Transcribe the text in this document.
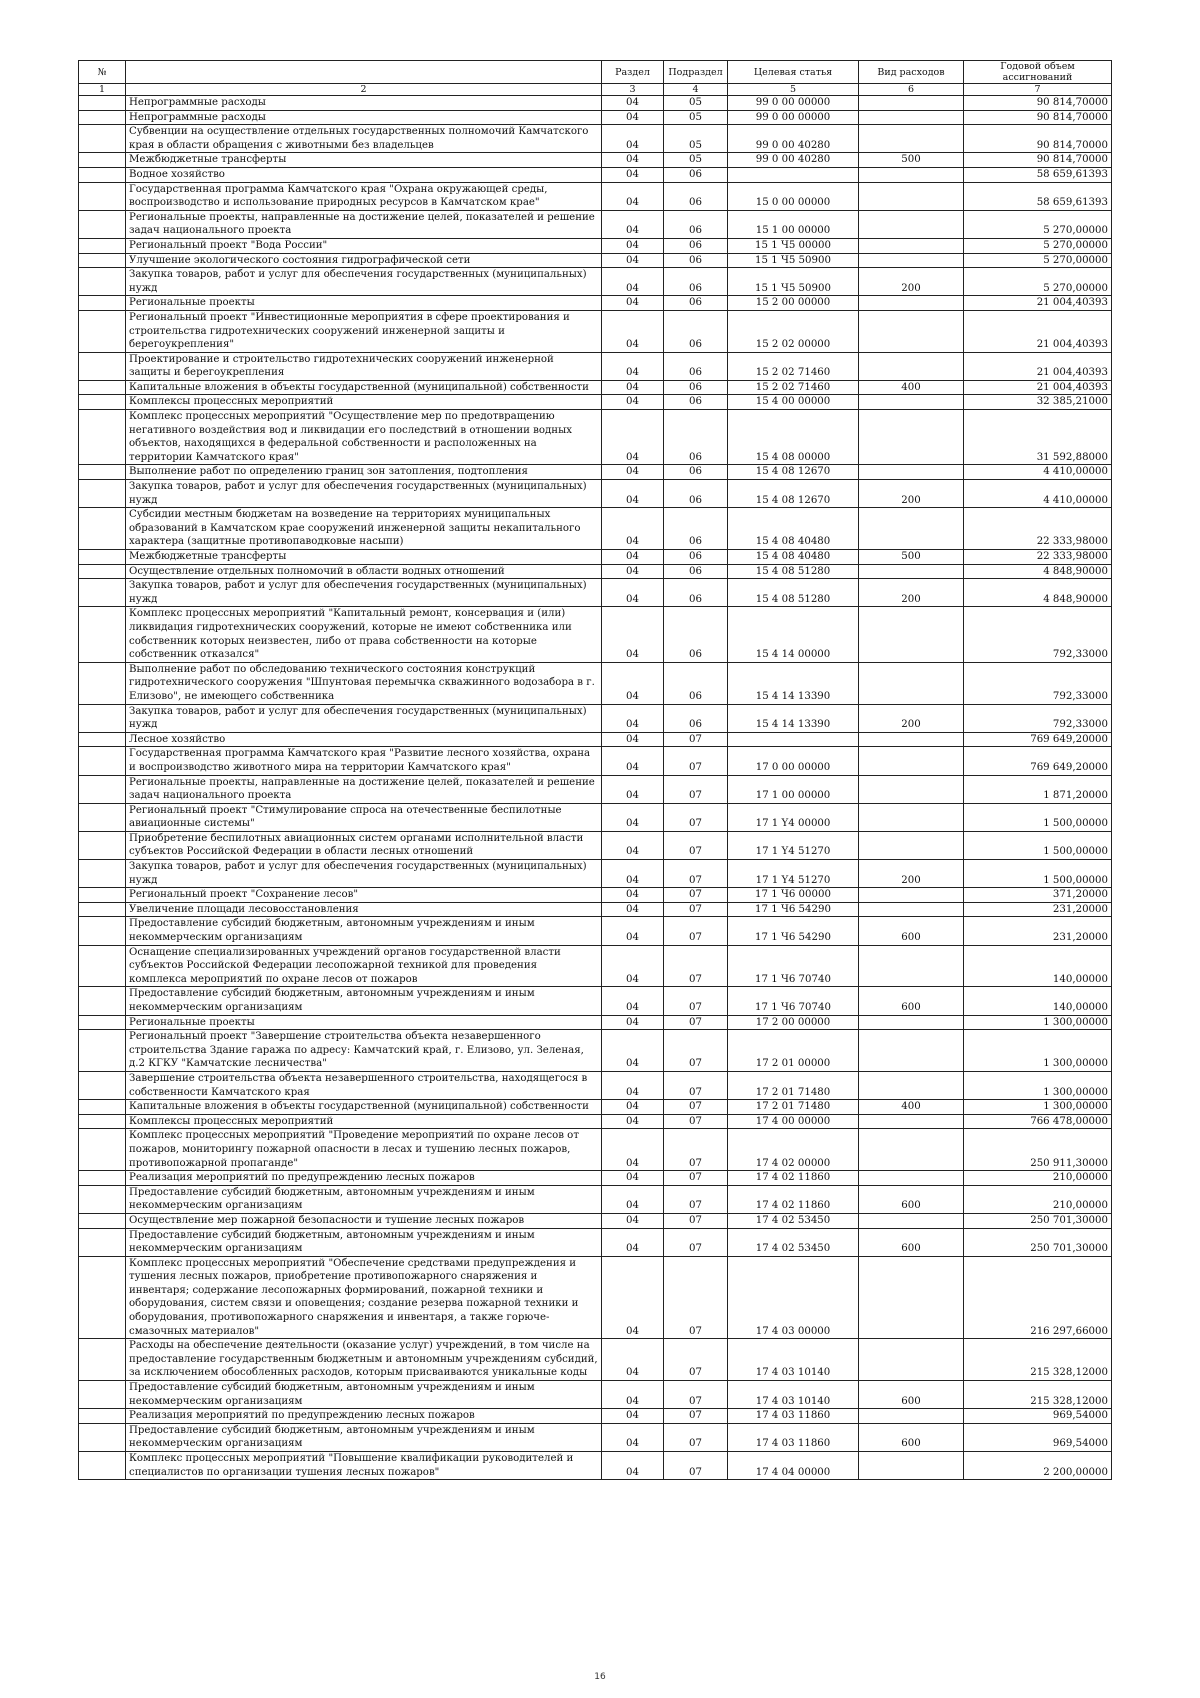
№		Раздел	Подраздел	Целевая статья	Вид расходов	Годовой объем ассигнований
1	2	3	4	5	6	7
	Непрограммные расходы	04	05	99 0 00 00000		90 814,70000
	Непрограммные расходы	04	05	99 0 00 00000		90 814,70000
	Субвенции на осуществление отдельных государственных полномочий Камчатского края в области обращения с животными без владельцев	04	05	99 0 00 40280		90 814,70000
	Межбюджетные трансферты	04	05	99 0 00 40280	500	90 814,70000
	Водное хозяйство	04	06			58 659,61393
	Государственная программа Камчатского края "Охрана окружающей среды, воспроизводство и использование природных ресурсов в Камчатском крае"	04	06	15 0 00 00000		58 659,61393
	Региональные проекты, направленные на достижение целей, показателей и решение задач национального проекта	04	06	15 1 00 00000		5 270,00000
	Региональный проект "Вода России"	04	06	15 1 Ч5 00000		5 270,00000
	Улучшение экологического состояния гидрографической сети	04	06	15 1 Ч5 50900		5 270,00000
	Закупка товаров, работ и услуг для обеспечения государственных (муниципальных) нужд	04	06	15 1 Ч5 50900	200	5 270,00000
	Региональные проекты	04	06	15 2 00 00000		21 004,40393
	Региональный проект "Инвестиционные мероприятия в сфере проектирования и строительства гидротехнических сооружений инженерной защиты и берегоукрепления"	04	06	15 2 02 00000		21 004,40393
	Проектирование и строительство гидротехнических сооружений инженерной защиты и берегоукрепления	04	06	15 2 02 71460		21 004,40393
	Капитальные вложения в объекты государственной (муниципальной) собственности	04	06	15 2 02 71460	400	21 004,40393
	Комплексы процессных мероприятий	04	06	15 4 00 00000		32 385,21000
	Комплекс процессных мероприятий "Осуществление мер по предотвращению негативного воздействия вод и ликвидации его последствий в отношении водных объектов, находящихся в федеральной собственности и расположенных на территории Камчатского края"	04	06	15 4 08 00000		31 592,88000
	Выполнение работ по определению границ зон затопления, подтопления	04	06	15 4 08 12670		4 410,00000
	Закупка товаров, работ и услуг для обеспечения государственных (муниципальных) нужд	04	06	15 4 08 12670	200	4 410,00000
	Субсидии местным бюджетам на возведение на территориях муниципальных образований в Камчатском крае сооружений инженерной защиты некапитального характера (защитные противопаводковые насыпи)	04	06	15 4 08 40480		22 333,98000
	Межбюджетные трансферты	04	06	15 4 08 40480	500	22 333,98000
	Осуществление отдельных полномочий в области водных отношений	04	06	15 4 08 51280		4 848,90000
	Закупка товаров, работ и услуг для обеспечения государственных (муниципальных) нужд	04	06	15 4 08 51280	200	4 848,90000
	Комплекс процессных мероприятий "Капитальный ремонт, консервация и (или) ликвидация гидротехнических сооружений, которые не имеют собственника или собственник которых неизвестен, либо от права собственности на которые собственник отказался"	04	06	15 4 14 00000		792,33000
	Выполнение работ по обследованию технического состояния конструкций гидротехнического сооружения "Шпунтовая перемычка скважинного водозабора в г. Елизово", не имеющего собственника	04	06	15 4 14 13390		792,33000
	Закупка товаров, работ и услуг для обеспечения государственных (муниципальных) нужд	04	06	15 4 14 13390	200	792,33000
	Лесное хозяйство	04	07			769 649,20000
	Государственная программа Камчатского края "Развитие лесного хозяйства, охрана и воспроизводство животного мира на территории Камчатского края"	04	07	17 0 00 00000		769 649,20000
	Региональные проекты, направленные на достижение целей, показателей и решение задач национального проекта	04	07	17 1 00 00000		1 871,20000
	Региональный проект "Стимулирование спроса на отечественные беспилотные авиационные системы"	04	07	17 1 Y4 00000		1 500,00000
	Приобретение беспилотных авиационных систем органами исполнительной власти субъектов Российской Федерации в области лесных отношений	04	07	17 1 Y4 51270		1 500,00000
	Закупка товаров, работ и услуг для обеспечения государственных (муниципальных) нужд	04	07	17 1 Y4 51270	200	1 500,00000
	Региональный проект "Сохранение лесов"	04	07	17 1 Ч6 00000		371,20000
	Увеличение площади лесовосстановления	04	07	17 1 Ч6 54290		231,20000
	Предоставление субсидий бюджетным, автономным учреждениям и иным некоммерческим организациям	04	07	17 1 Ч6 54290	600	231,20000
	Оснащение специализированных учреждений органов государственной власти субъектов Российской Федерации лесопожарной техникой для проведения комплекса мероприятий по охране лесов от пожаров	04	07	17 1 Ч6 70740		140,00000
	Предоставление субсидий бюджетным, автономным учреждениям и иным некоммерческим организациям	04	07	17 1 Ч6 70740	600	140,00000
	Региональные проекты	04	07	17 2 00 00000		1 300,00000
	Региональный проект "Завершение строительства объекта незавершенного строительства Здание гаража по адресу: Камчатский край, г. Елизово, ул. Зеленая, д.2 КГКУ "Камчатские лесничества"	04	07	17 2 01 00000		1 300,00000
	Завершение строительства объекта незавершенного строительства, находящегося в собственности Камчатского края	04	07	17 2 01 71480		1 300,00000
	Капитальные вложения в объекты государственной (муниципальной) собственности	04	07	17 2 01 71480	400	1 300,00000
	Комплексы процессных мероприятий	04	07	17 4 00 00000		766 478,00000
	Комплекс процессных мероприятий "Проведение мероприятий по охране лесов от пожаров, мониторингу пожарной опасности в лесах и тушению лесных пожаров, противопожарной пропаганде"	04	07	17 4 02 00000		250 911,30000
	Реализация мероприятий по предупреждению лесных пожаров	04	07	17 4 02 11860		210,00000
	Предоставление субсидий бюджетным, автономным учреждениям и иным некоммерческим организациям	04	07	17 4 02 11860	600	210,00000
	Осуществление мер пожарной безопасности и тушение лесных пожаров	04	07	17 4 02 53450		250 701,30000
	Предоставление субсидий бюджетным, автономным учреждениям и иным некоммерческим организациям	04	07	17 4 02 53450	600	250 701,30000
	Комплекс процессных мероприятий "Обеспечение средствами предупреждения и тушения лесных пожаров, приобретение противопожарного снаряжения и инвентаря; содержание лесопожарных формирований, пожарной техники и оборудования, систем связи и оповещения; создание резерва пожарной техники и оборудования, противопожарного снаряжения и инвентаря, а также горюче-смазочных материалов"	04	07	17 4 03 00000		216 297,66000
	Расходы на обеспечение деятельности (оказание услуг) учреждений, в том числе на предоставление государственным бюджетным и автономным учреждениям субсидий, за исключением обособленных расходов, которым присваиваются уникальные коды	04	07	17 4 03 10140		215 328,12000
	Предоставление субсидий бюджетным, автономным учреждениям и иным некоммерческим организациям	04	07	17 4 03 10140	600	215 328,12000
	Реализация мероприятий по предупреждению лесных пожаров	04	07	17 4 03 11860		969,54000
	Предоставление субсидий бюджетным, автономным учреждениям и иным некоммерческим организациям	04	07	17 4 03 11860	600	969,54000
	Комплекс процессных мероприятий "Повышение квалификации руководителей и специалистов по организации тушения лесных пожаров"	04	07	17 4 04 00000		2 200,00000
16
